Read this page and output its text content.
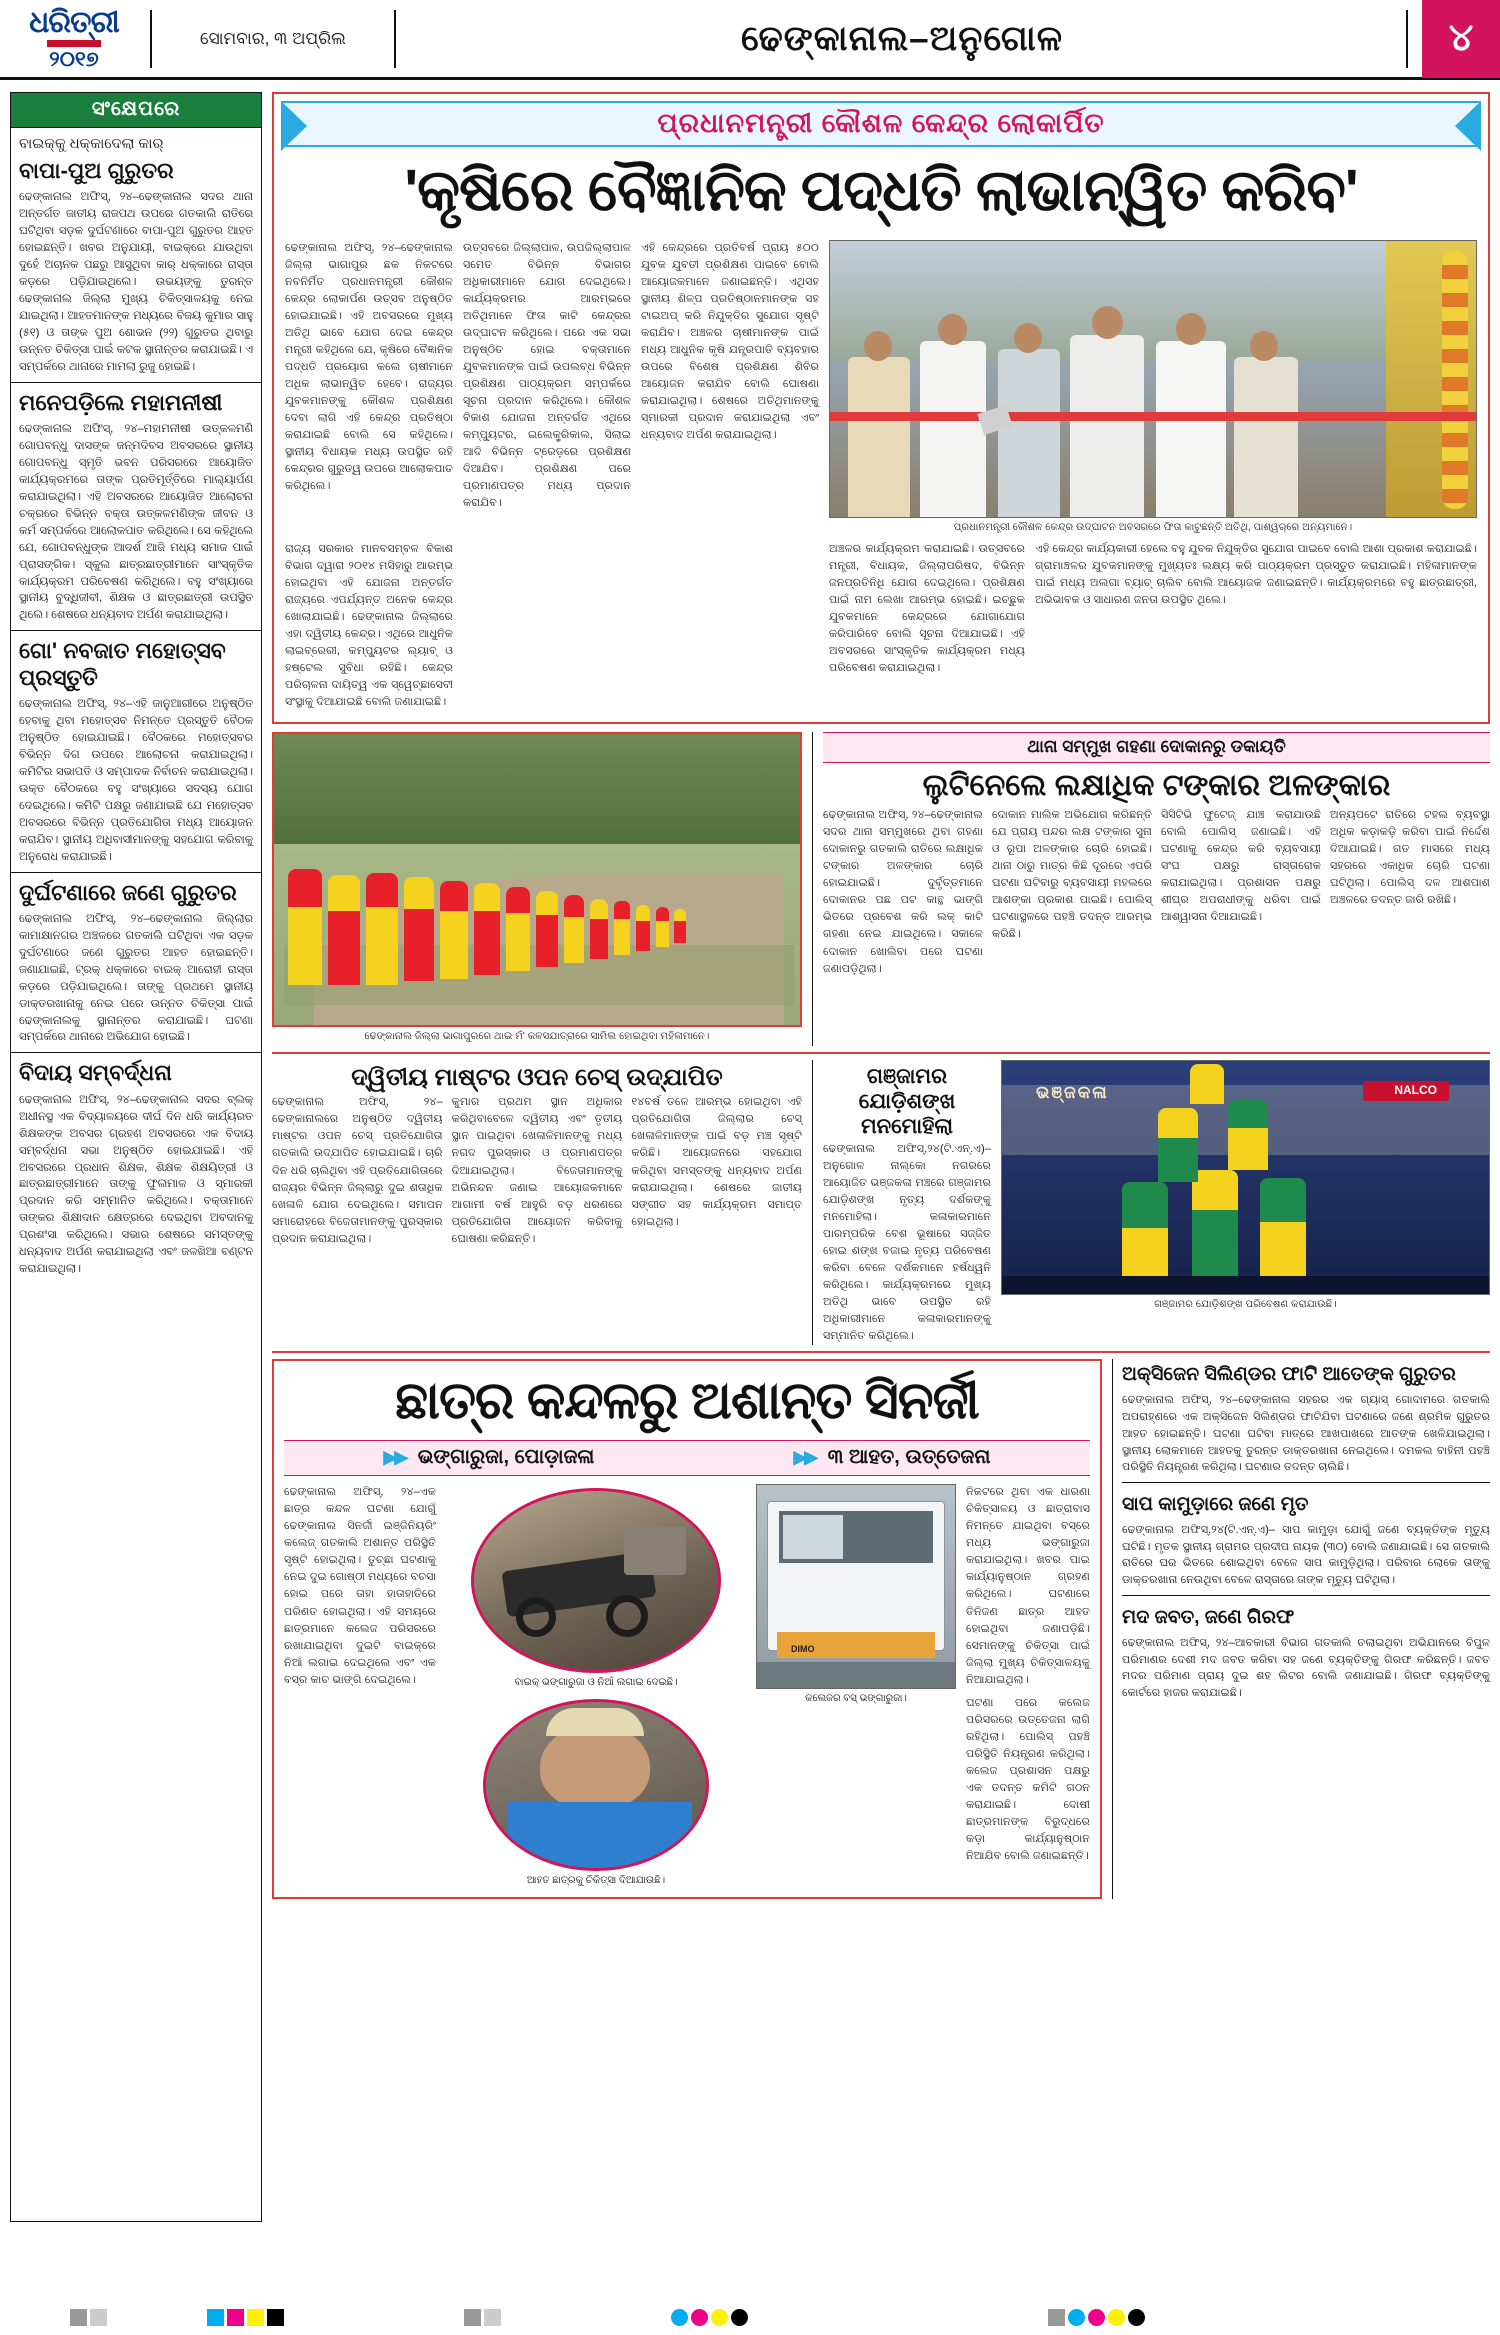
ଧରିତ୍ରୀ
୨୦୧୭
ସୋମବାର, ୩ ଅପ୍ରିଲ	ଢେଙ୍କାନାଲ–ଅନୁଗୋଳ	୪
ସଂକ୍ଷେପରେ
ବାଇକ୍‌କୁ ଧକ୍କାଦେଲା କାର୍‌
ବାପା-ପୁଅ ଗୁରୁତର
ଢେଙ୍କାନାଲ ଅଫିସ୍‌, ୨୪–ଢେଙ୍କାନାଲ ସଦର ଥାନା ଅନ୍ତର୍ଗତ ଜାତୀୟ ରାଜପଥ ଉପରେ ଗତକାଲି ରାତିରେ ଘଟିଥିବା ସଡ଼କ ଦୁର୍ଘଟଣାରେ ବାପା-ପୁଅ ଗୁରୁତର ଆହତ ହୋଇଛନ୍ତି। ଖବର ଅନୁଯାୟୀ, ବାଇକ୍‌ରେ ଯାଉଥିବା ଦୁହେଁ ଅଚାନକ ପଛରୁ ଆସୁଥିବା କାର୍‌ ଧକ୍କାରେ ରାସ୍ତା କଡ଼ରେ ପଡ଼ିଯାଇଥିଲେ। ଉଭୟଙ୍କୁ ତୁରନ୍ତ ଢେଙ୍କାନାଲ ଜିଲ୍ଲା ମୁଖ୍ୟ ଚିକିତ୍ସାଳୟକୁ ନେଇ ଯାଇଥିଲା। ଆହତମାନଙ୍କ ମଧ୍ୟରେ ବିଜୟ କୁମାର ସାହୁ (୫୧) ଓ ତାଙ୍କ ପୁଅ ଶୋଭନ (୨୨) ଗୁରୁତର ଥିବାରୁ ଉନ୍ନତ ଚିକିତ୍ସା ପାଇଁ କଟକ ସ୍ଥାନାନ୍ତର କରାଯାଇଛି। ଏ ସମ୍ପର୍କରେ ଥାନାରେ ମାମଲା ରୁଜୁ ହୋଇଛି।
ମନେପଡ଼ିଲେ ମହାମନୀଷୀ
ଢେଙ୍କାନାଲ ଅଫିସ୍‌, ୨୪–ମହାମନୀଷୀ ଉତ୍କଳମଣି ଗୋପବନ୍ଧୁ ଦାସଙ୍କ ଜନ୍ମଦିବସ ଅବସରରେ ସ୍ଥାନୀୟ ଗୋପବନ୍ଧୁ ସ୍ମୃତି ଭବନ ପରିସରରେ ଆୟୋଜିତ କାର୍ଯ୍ୟକ୍ରମରେ ତାଙ୍କ ପ୍ରତିମୂର୍ତ୍ତିରେ ମାଲ୍ୟାର୍ପଣ କରାଯାଇଥିଲା। ଏହି ଅବସରରେ ଆୟୋଜିତ ଆଲୋଚନା ଚକ୍ରରେ ବିଭିନ୍ନ ବକ୍ତା ଉତ୍କଳମଣିଙ୍କ ଜୀବନ ଓ କର୍ମ ସମ୍ପର୍କରେ ଆଲୋକପାତ କରିଥିଲେ। ସେ କହିଥିଲେ ଯେ, ଗୋପବନ୍ଧୁଙ୍କ ଆଦର୍ଶ ଆଜି ମଧ୍ୟ ସମାଜ ପାଇଁ ପ୍ରାସଙ୍ଗିକ। ସ୍କୁଲ ଛାତ୍ରଛାତ୍ରୀମାନେ ସାଂସ୍କୃତିକ କାର୍ଯ୍ୟକ୍ରମ ପରିବେଷଣ କରିଥିଲେ। ବହୁ ସଂଖ୍ୟାରେ ସ୍ଥାନୀୟ ବୁଦ୍ଧିଜୀବୀ, ଶିକ୍ଷକ ଓ ଛାତ୍ରଛାତ୍ରୀ ଉପସ୍ଥିତ ଥିଲେ। ଶେଷରେ ଧନ୍ୟବାଦ ଅର୍ପଣ କରାଯାଇଥିଲା।
ଗୋ' ନବଜାତ ମହୋତ୍ସବ ପ୍ରସ୍ତୁତି
ଢେଙ୍କାନାଲ ଅଫିସ୍‌, ୨୪–ଏହି ଜାନୁଆରୀରେ ଅନୁଷ୍ଠିତ ହେବାକୁ ଥିବା ମହୋତ୍ସବ ନିମନ୍ତେ ପ୍ରସ୍ତୁତି ବୈଠକ ଅନୁଷ୍ଠିତ ହୋଇଯାଇଛି। ବୈଠକରେ ମହୋତ୍ସବର ବିଭିନ୍ନ ଦିଗ ଉପରେ ଆଲୋଚନା କରାଯାଇଥିଲା। କମିଟିର ସଭାପତି ଓ ସମ୍ପାଦକ ନିର୍ବାଚନ କରାଯାଇଥିଲା। ଉକ୍ତ ବୈଠକରେ ବହୁ ସଂଖ୍ୟାରେ ସଦସ୍ୟ ଯୋଗ ଦେଇଥିଲେ। କମିଟି ପକ୍ଷରୁ ଜଣାଯାଇଛି ଯେ ମହୋତ୍ସବ ଅବସରରେ ବିଭିନ୍ନ ପ୍ରତିଯୋଗିତା ମଧ୍ୟ ଆୟୋଜନ କରାଯିବ। ସ୍ଥାନୀୟ ଅଧିବାସୀମାନଙ୍କୁ ସହଯୋଗ କରିବାକୁ ଅନୁରୋଧ କରାଯାଇଛି।
ଦୁର୍ଘଟଣାରେ ଜଣେ ଗୁରୁତର
ଢେଙ୍କାନାଲ ଅଫିସ୍‌, ୨୪–ଢେଙ୍କାନାଲ ଜିଲ୍ଲାର କାମାକ୍ଷାନଗର ଅଞ୍ଚଳରେ ଗତକାଲି ଘଟିଥିବା ଏକ ସଡ଼କ ଦୁର୍ଘଟଣାରେ ଜଣେ ଗୁରୁତର ଆହତ ହୋଇଛନ୍ତି। ଜଣାଯାଇଛି, ଟ୍ରକ୍‌ ଧକ୍କାରେ ବାଇକ୍‌ ଆରୋହୀ ରାସ୍ତା କଡ଼ରେ ପଡ଼ିଯାଇଥିଲେ। ତାଙ୍କୁ ପ୍ରଥମେ ସ୍ଥାନୀୟ ଡାକ୍ତରଖାନାକୁ ନେଇ ପରେ ଉନ୍ନତ ଚିକିତ୍ସା ପାଇଁ ଢେଙ୍କାନାଲକୁ ସ୍ଥାନାନ୍ତର କରାଯାଇଛି। ଘଟଣା ସମ୍ପର୍କରେ ଥାନାରେ ଅଭିଯୋଗ ହୋଇଛି।
ବିଦାୟ ସମ୍ବର୍ଦ୍ଧନା
ଢେଙ୍କାନାଲ ଅଫିସ୍‌, ୨୪–ଢେଙ୍କାନାଲ ସଦର ବ୍ଲକ୍‌ ଅଧୀନସ୍ଥ ଏକ ବିଦ୍ୟାଳୟରେ ଦୀର୍ଘ ଦିନ ଧରି କାର୍ଯ୍ୟରତ ଶିକ୍ଷକଙ୍କ ଅବସର ଗ୍ରହଣ ଅବସରରେ ଏକ ବିଦାୟ ସମ୍ବର୍ଦ୍ଧନା ସଭା ଅନୁଷ୍ଠିତ ହୋଇଯାଇଛି। ଏହି ଅବସରରେ ପ୍ରଧାନ ଶିକ୍ଷକ, ଶିକ୍ଷକ ଶିକ୍ଷୟିତ୍ରୀ ଓ ଛାତ୍ରଛାତ୍ରୀମାନେ ତାଙ୍କୁ ଫୁଲମାଳ ଓ ସ୍ମାରକୀ ପ୍ରଦାନ କରି ସମ୍ମାନିତ କରିଥିଲେ। ବକ୍ତାମାନେ ତାଙ୍କର ଶିକ୍ଷାଦାନ କ୍ଷେତ୍ରରେ ଦେଇଥିବା ଅବଦାନକୁ ପ୍ରଶଂସା କରିଥିଲେ। ସଭାର ଶେଷରେ ସମସ୍ତଙ୍କୁ ଧନ୍ୟବାଦ ଅର୍ପଣ କରାଯାଇଥିଲା ଏବଂ ଜଳଖିଆ ବଣ୍ଟନ କରାଯାଇଥିଲା।
ପ୍ରଧାନମନ୍ତ୍ରୀ କୌଶଳ କେନ୍ଦ୍ର ଲୋକାର୍ପିତ
'କୃଷିରେ ବୈଜ୍ଞାନିକ ପଦ୍ଧତି ଲାଭାନ୍ୱିତ କରିବ'
ଢେଙ୍କାନାଲ ଅଫିସ୍‌, ୨୪–ଢେଙ୍କାନାଲ ଜିଲ୍ଲା ଭାଗାପୁର ଛକ ନିକଟରେ ନବନିର୍ମିତ ପ୍ରଧାନମନ୍ତ୍ରୀ କୌଶଳ କେନ୍ଦ୍ର ଲୋକାର୍ପଣ ଉତ୍ସବ ଅନୁଷ୍ଠିତ ହୋଇଯାଇଛି। ଏହି ଅବସରରେ ମୁଖ୍ୟ ଅତିଥି ଭାବେ ଯୋଗ ଦେଇ କେନ୍ଦ୍ର ମନ୍ତ୍ରୀ କହିଥିଲେ ଯେ, କୃଷିରେ ବୈଜ୍ଞାନିକ ପଦ୍ଧତି ପ୍ରୟୋଗ କଲେ ଚାଷୀମାନେ ଅଧିକ ଲାଭାନ୍ୱିତ ହେବେ। ରାଜ୍ୟର ଯୁବକମାନଙ୍କୁ କୌଶଳ ପ୍ରଶିକ୍ଷଣ ଦେବା ଲାଗି ଏହି କେନ୍ଦ୍ର ପ୍ରତିଷ୍ଠା କରାଯାଇଛି ବୋଲି ସେ କହିଥିଲେ। ସ୍ଥାନୀୟ ବିଧାୟକ ମଧ୍ୟ ଉପସ୍ଥିତ ରହି କେନ୍ଦ୍ରର ଗୁରୁତ୍ୱ ଉପରେ ଆଲୋକପାତ କରିଥିଲେ।
ଉତ୍ସବରେ ଜିଲ୍ଲାପାଳ, ଉପଜିଲ୍ଲାପାଳ ସମେତ ବିଭିନ୍ନ ବିଭାଗର ଅଧିକାରୀମାନେ ଯୋଗ ଦେଇଥିଲେ। କାର୍ଯ୍ୟକ୍ରମର ଆରମ୍ଭରେ ଅତିଥିମାନେ ଫିତା କାଟି କେନ୍ଦ୍ରର ଉଦ୍‌ଘାଟନ କରିଥିଲେ। ପରେ ଏକ ସଭା ଅନୁଷ୍ଠିତ ହୋଇ ବକ୍ତାମାନେ ଯୁବକମାନଙ୍କ ପାଇଁ ଉପଲବ୍ଧ ବିଭିନ୍ନ ପ୍ରଶିକ୍ଷଣ ପାଠ୍ୟକ୍ରମ ସମ୍ପର୍କରେ ସୂଚନା ପ୍ରଦାନ କରିଥିଲେ। କୌଶଳ ବିକାଶ ଯୋଜନା ଅନ୍ତର୍ଗତ ଏଥିରେ କମ୍ପ୍ୟୁଟର, ଇଲେକ୍ଟ୍ରିକାଲ, ସିଲାଇ ଆଦି ବିଭିନ୍ନ ଟ୍ରେଡ଼ରେ ପ୍ରଶିକ୍ଷଣ ଦିଆଯିବ। ପ୍ରଶିକ୍ଷଣ ପରେ ପ୍ରମାଣପତ୍ର ମଧ୍ୟ ପ୍ରଦାନ କରାଯିବ।
ଏହି କେନ୍ଦ୍ରରେ ପ୍ରତିବର୍ଷ ପ୍ରାୟ ୫୦୦ ଯୁବକ ଯୁବତୀ ପ୍ରଶିକ୍ଷଣ ପାଇବେ ବୋଲି ଆୟୋଜକମାନେ ଜଣାଇଛନ୍ତି। ଏଥିସହ ସ୍ଥାନୀୟ ଶିଳ୍ପ ପ୍ରତିଷ୍ଠାନମାନଙ୍କ ସହ ଟାଇଅପ୍‌ କରି ନିଯୁକ୍ତିର ସୁଯୋଗ ସୃଷ୍ଟି କରାଯିବ। ଅଞ୍ଚଳର ଚାଷୀମାନଙ୍କ ପାଇଁ ମଧ୍ୟ ଆଧୁନିକ କୃଷି ଯନ୍ତ୍ରପାତି ବ୍ୟବହାର ଉପରେ ବିଶେଷ ପ୍ରଶିକ୍ଷଣ ଶିବିର ଆୟୋଜନ କରାଯିବ ବୋଲି ଘୋଷଣା କରାଯାଇଥିଲା। ଶେଷରେ ଅତିଥିମାନଙ୍କୁ ସ୍ମାରକୀ ପ୍ରଦାନ କରାଯାଇଥିଲା ଏବଂ ଧନ୍ୟବାଦ ଅର୍ପଣ କରାଯାଇଥିଲା।
ପ୍ରଧାନମନ୍ତ୍ରୀ କୌଶଳ କେନ୍ଦ୍ର ଉଦ୍‌ଘାଟନ ଅବସରରେ ଫିତା କାଟୁଛନ୍ତି ଅତିଥି, ପାଶ୍ୱର୍‌ରେ ଅନ୍ୟମାନେ।
ରାଜ୍ୟ ସରକାର ମାନବସମ୍ବଳ ବିକାଶ ବିଭାଗ ଦ୍ୱାରା ୨୦୧୪ ମସିହାରୁ ଆରମ୍ଭ ହୋଇଥିବା ଏହି ଯୋଜନା ଅନ୍ତର୍ଗତ ରାଜ୍ୟରେ ଏପର୍ଯ୍ୟନ୍ତ ଅନେକ କେନ୍ଦ୍ର ଖୋଲାଯାଇଛି। ଢେଙ୍କାନାଲ ଜିଲ୍ଲାରେ ଏହା ଦ୍ୱିତୀୟ କେନ୍ଦ୍ର। ଏଥିରେ ଆଧୁନିକ ଲାଇବ୍ରେରୀ, କମ୍ପ୍ୟୁଟର ଲ୍ୟାବ୍‌ ଓ ହଷ୍ଟେଲ ସୁବିଧା ରହିଛି। କେନ୍ଦ୍ର ପରିଚାଳନା ଦାୟିତ୍ୱ ଏକ ସ୍ୱେଚ୍ଛାସେବୀ ସଂସ୍ଥାକୁ ଦିଆଯାଇଛି ବୋଲି ଜଣାଯାଇଛି।

ଅଞ୍ଚଳର କାର୍ଯ୍ୟକ୍ରମ କରାଯାଇଛି। ଉତ୍ସବରେ ମନ୍ତ୍ରୀ, ବିଧାୟକ, ଜିଲ୍ଲାପରିଷଦ, ବିଭିନ୍ନ ଜନପ୍ରତିନିଧି ଯୋଗ ଦେଇଥିଲେ। ପ୍ରଶିକ୍ଷଣ ପାଇଁ ନାମ ଲେଖା ଆରମ୍ଭ ହୋଇଛି। ଇଚ୍ଛୁକ ଯୁବକମାନେ କେନ୍ଦ୍ରରେ ଯୋଗାଯୋଗ କରିପାରିବେ ବୋଲି ସୂଚନା ଦିଆଯାଇଛି। ଏହି ଅବସରରେ ସାଂସ୍କୃତିକ କାର୍ଯ୍ୟକ୍ରମ ମଧ୍ୟ ପରିବେଷଣ କରାଯାଇଥିଲା।
ଏହି କେନ୍ଦ୍ର କାର୍ଯ୍ୟକାରୀ ହେଲେ ବହୁ ଯୁବକ ନିଯୁକ୍ତିର ସୁଯୋଗ ପାଇବେ ବୋଲି ଆଶା ପ୍ରକାଶ କରାଯାଇଛି। ଗ୍ରାମାଞ୍ଚଳର ଯୁବକମାନଙ୍କୁ ମୁଖ୍ୟତଃ ଲକ୍ଷ୍ୟ କରି ପାଠ୍ୟକ୍ରମ ପ୍ରସ୍ତୁତ କରାଯାଇଛି। ମହିଳାମାନଙ୍କ ପାଇଁ ମଧ୍ୟ ଅଲଗା ବ୍ୟାଚ୍‌ ଚାଲିବ ବୋଲି ଆୟୋଜକ ଜଣାଇଛନ୍ତି। କାର୍ଯ୍ୟକ୍ରମରେ ବହୁ ଛାତ୍ରଛାତ୍ରୀ, ଅଭିଭାବକ ଓ ସାଧାରଣ ଜନତା ଉପସ୍ଥିତ ଥିଲେ।
ଢେଙ୍କାନାଲ ଜିଲ୍ଲା ଭାଗାପୁରରେ ଥାଇ ମଁ' କଳସଯାତ୍ରାରେ ସାମିଲ ହୋଇଥିବା ମହିଳାମାନେ।
ଥାନା ସମ୍ମୁଖ ଗହଣା ଦୋକାନରୁ ଡକାୟତି
ଲୁଟିନେଲେ ଲକ୍ଷାଧିକ ଟଙ୍କାର ଅଳଙ୍କାର
ଢେଙ୍କାନାଲ ଅଫିସ୍‌, ୨୪–ଢେଙ୍କାନାଲ ସଦର ଥାନା ସମ୍ମୁଖରେ ଥିବା ଗହଣା ଦୋକାନରୁ ଗତକାଲି ରାତିରେ ଲକ୍ଷାଧିକ ଟଙ୍କାର ଅଳଙ୍କାର ଚୋରି ହୋଇଯାଇଛି। ଦୁର୍ବୃତ୍ତମାନେ ଦୋକାନର ପଛ ପଟ କାନ୍ଥ ଭାଙ୍ଗି ଭିତରେ ପ୍ରବେଶ କରି ଲକ୍‌ କାଟି ଗହଣା ନେଇ ଯାଇଥିଲେ। ସକାଳେ ଦୋକାନ ଖୋଲିବା ପରେ ଘଟଣା ଜଣାପଡ଼ିଥିଲା।
ଦୋକାନ ମାଲିକ ଅଭିଯୋଗ କରିଛନ୍ତି ଯେ ପ୍ରାୟ ପନ୍ଦର ଲକ୍ଷ ଟଙ୍କାର ସୁନା ଓ ରୂପା ଅଳଙ୍କାର ଚୋରି ହୋଇଛି। ଥାନା ଠାରୁ ମାତ୍ର କିଛି ଦୂରରେ ଏପରି ଘଟଣା ଘଟିବାରୁ ବ୍ୟବସାୟୀ ମହଲରେ ଆଶଙ୍କା ପ୍ରକାଶ ପାଇଛି। ପୋଲିସ୍‌ ଘଟଣାସ୍ଥଳରେ ପହଞ୍ଚି ତଦନ୍ତ ଆରମ୍ଭ କରିଛି।
ସିସିଟିଭି ଫୁଟେଜ୍‌ ଯାଞ୍ଚ କରାଯାଉଛି ବୋଲି ପୋଲିସ୍‌ ଜଣାଇଛି। ଏହି ଘଟଣାକୁ କେନ୍ଦ୍ର କରି ବ୍ୟବସାୟୀ ସଂଘ ପକ୍ଷରୁ ରାସ୍ତାରୋକ କରାଯାଇଥିଲା। ପ୍ରଶାସନ ପକ୍ଷରୁ ଶୀଘ୍ର ଅପରାଧୀଙ୍କୁ ଧରିବା ପାଇଁ ଆଶ୍ୱାସନା ଦିଆଯାଇଛି।
ଅନ୍ୟପଟେ ରାତିରେ ଟହଲ ବ୍ୟବସ୍ଥା ଅଧିକ କଡ଼ାକଡ଼ି କରିବା ପାଇଁ ନିର୍ଦ୍ଦେଶ ଦିଆଯାଇଛି। ଗତ ମାସରେ ମଧ୍ୟ ସହରରେ ଏକାଧିକ ଚୋରି ଘଟଣା ଘଟିଥିଲା। ପୋଲିସ୍‌ ଦଳ ଆଶପାଶ ଅଞ୍ଚଳରେ ତଦନ୍ତ ଜାରି ରଖିଛି।
ଦ୍ୱିତୀୟ ମାଷ୍ଟର ଓପନ ଚେସ୍‌ ଉଦ୍‌ଯାପିତ
ଢେଙ୍କାନାଲ ଅଫିସ୍‌, ୨୪–ଢେଙ୍କାନାଲରେ ଅନୁଷ୍ଠିତ ଦ୍ୱିତୀୟ ମାଷ୍ଟର ଓପନ ଚେସ୍‌ ପ୍ରତିଯୋଗିତା ଗତକାଲି ଉଦ୍‌ଯାପିତ ହୋଇଯାଇଛି। ଚାରି ଦିନ ଧରି ଚାଲିଥିବା ଏହି ପ୍ରତିଯୋଗିତାରେ ରାଜ୍ୟର ବିଭିନ୍ନ ଜିଲ୍ଲାରୁ ଦୁଇ ଶତାଧିକ ଖେଳାଳି ଯୋଗ ଦେଇଥିଲେ। ସମାପନ ସମାରୋହରେ ବିଜେତାମାନଙ୍କୁ ପୁରସ୍କାର ପ୍ରଦାନ କରାଯାଇଥିଲା।
କୁମାର ପ୍ରଥମ ସ୍ଥାନ ଅଧିକାର କରିଥିବାବେଳେ ଦ୍ୱିତୀୟ ଏବଂ ତୃତୀୟ ସ୍ଥାନ ପାଇଥିବା ଖେଳାଳିମାନଙ୍କୁ ମଧ୍ୟ ନଗଦ ପୁରସ୍କାର ଓ ପ୍ରମାଣପତ୍ର ଦିଆଯାଇଥିଲା। ବିଜେତାମାନଙ୍କୁ ଅଭିନନ୍ଦନ ଜଣାଇ ଆୟୋଜକମାନେ ଆଗାମୀ ବର୍ଷ ଆହୁରି ବଡ଼ ଧରଣରେ ପ୍ରତିଯୋଗିତା ଆୟୋଜନ କରିବାକୁ ଘୋଷଣା କରିଛନ୍ତି।
୧୪ବର୍ଷ ତଳେ ଆରମ୍ଭ ହୋଇଥିବା ଏହି ପ୍ରତିଯୋଗିତା ଜିଲ୍ଲାର ଚେସ୍‌ ଖେଳାଳିମାନଙ୍କ ପାଇଁ ବଡ଼ ମଞ୍ଚ ସୃଷ୍ଟି କରିଛି। ଆୟୋଜନରେ ସହଯୋଗ କରିଥିବା ସମସ୍ତଙ୍କୁ ଧନ୍ୟବାଦ ଅର୍ପଣ କରାଯାଇଥିଲା। ଶେଷରେ ଜାତୀୟ ସଙ୍ଗୀତ ସହ କାର୍ଯ୍ୟକ୍ରମ ସମାପ୍ତ ହୋଇଥିଲା।
ଗଞ୍ଜାମର ଯୋଡ଼ିଶଙ୍ଖ ମନମୋହିଲା
ଢେଙ୍କାନାଲ ଅଫିସ୍‌,୨୪(ଟି.ଏନ୍‌.ଏ)– ଅନୁଗୋଳ ନାଲ୍‌କୋ ନଗରରେ ଆୟୋଜିତ ଭଞ୍ଜକଳା ମଞ୍ଚରେ ଗଞ୍ଜାମର ଯୋଡ଼ିଶଙ୍ଖ ନୃତ୍ୟ ଦର୍ଶକଙ୍କୁ ମନମୋହିଲା। କଳାକାରମାନେ ପାରମ୍ପରିକ ବେଶ ଭୂଷାରେ ସଜ୍ଜିତ ହୋଇ ଶଙ୍ଖ ବଜାଇ ନୃତ୍ୟ ପରିବେଷଣ କରିବା ବେଳେ ଦର୍ଶକମାନେ ହର୍ଷଧ୍ୱନି କରିଥିଲେ। କାର୍ଯ୍ୟକ୍ରମରେ ମୁଖ୍ୟ ଅତିଥି ଭାବେ ଉପସ୍ଥିତ ରହି ଅଧିକାରୀମାନେ କଳାକାରମାନଙ୍କୁ ସମ୍ମାନିତ କରିଥିଲେ।
ଭଞ୍ଜକଳା	NALCO
ଗଞ୍ଜାମର ଯୋଡ଼ିଶଙ୍ଖ ପରିବେଷଣ କରାଯାଉଛି।
ଛାତ୍ର କନ୍ଦଳରୁ ଅଶାନ୍ତ ସିନର୍ଜୀ
▶▶ ଭଙ୍ଗାରୁଜା, ପୋଡ଼ାଜଳା	▶▶ ୩ ଆହତ, ଉତ୍ତେଜନା
ଢେଙ୍କାନାଲ ଅଫିସ୍‌, ୨୪–ଏକ ଛାତ୍ର କନ୍ଦଳ ଘଟଣା ଯୋଗୁଁ ଢେଙ୍କାନାଲ ସିନର୍ଜୀ ଇଞ୍ଜିନିୟରିଂ କଲେଜ୍‌ ଗତକାଲି ଅଶାନ୍ତ ପରିସ୍ଥିତି ସୃଷ୍ଟି ହୋଇଥିଲା। ତୁଚ୍ଛା ଘଟଣାକୁ ନେଇ ଦୁଇ ଗୋଷ୍ଠୀ ମଧ୍ୟରେ ବଚସା ହୋଇ ପରେ ତାହା ହାତାହାତିରେ ପରିଣତ ହୋଇଥିଲା। ଏହି ସମୟରେ ଛାତ୍ରମାନେ କଲେଜ ପରିସରରେ ରଖାଯାଇଥିବା ଦୁଇଟି ବାଇକ୍‌ରେ ନିଆଁ ଲଗାଇ ଦେଇଥିଲେ ଏବଂ ଏକ ବସ୍‌ର କାଚ ଭାଙ୍ଗି ଦେଇଥିଲେ।	ବାଇକ୍‌ ଭଙ୍ଗାରୁଜା ଓ ନିଆଁ ଲଗାଇ ଦେଇଛି।
ଆହତ ଛାତ୍ରକୁ ଚିକିତ୍ସା ଦିଆଯାଉଛି।
DIMO
କଲେଜର ବସ୍‌ ଭଙ୍ଗାରୁଜା।
ନିକଟରେ ଥିବା ଏକ ଧାରଣା ଚିକିତ୍ସାଳୟ ଓ ଛାତ୍ରାବାସ ନିମନ୍ତେ ଯାଇଥିବା ବସ୍‌ରେ ମଧ୍ୟ ଭଙ୍ଗାରୁଜା କରାଯାଇଥିଲା। ଖବର ପାଇ କାର୍ଯ୍ୟାନୁଷ୍ଠାନ ଗ୍ରହଣ କରିଥିଲେ। ଘଟଣାରେ ତିନିଜଣ ଛାତ୍ର ଆହତ ହୋଇଥିବା ଜଣାପଡ଼ିଛି। ସେମାନଙ୍କୁ ଚିକିତ୍ସା ପାଇଁ ଜିଲ୍ଲା ମୁଖ୍ୟ ଚିକିତ୍ସାଳୟକୁ ନିଆଯାଇଥିଲା।
ଘଟଣା ପରେ କଲେଜ ପରିସରରେ ଉତ୍ତେଜନା ଲାଗି ରହିଥିଲା। ପୋଲିସ୍‌ ପହଞ୍ଚି ପରିସ୍ଥିତି ନିୟନ୍ତ୍ରଣ କରିଥିଲା। କଲେଜ ପ୍ରଶାସନ ପକ୍ଷରୁ ଏକ ତଦନ୍ତ କମିଟି ଗଠନ କରାଯାଇଛି। ଦୋଷୀ ଛାତ୍ରମାନଙ୍କ ବିରୁଦ୍ଧରେ କଡ଼ା କାର୍ଯ୍ୟାନୁଷ୍ଠାନ ନିଆଯିବ ବୋଲି ଜଣାଇଛନ୍ତି।
ଅକ୍ସିଜେନ ସିଲିଣ୍ଡର ଫାଟି ଆତେଙ୍କ ଗୁରୁତର
ଢେଙ୍କାନାଲ ଅଫିସ୍‌, ୨୪–ଢେଙ୍କାନାଲ ସହରର ଏକ ଗ୍ୟାସ୍‌ ଗୋଦାମରେ ଗତକାଲି ଅପରାହ୍ଣରେ ଏକ ଅକ୍ସିଜେନ ସିଲିଣ୍ଡର ଫାଟିଯିବା ଘଟଣାରେ ଜଣେ ଶ୍ରମିକ ଗୁରୁତର ଆହତ ହୋଇଛନ୍ତି। ଘଟଣା ଘଟିବା ମାତ୍ରେ ଆଖପାଖରେ ଆତଙ୍କ ଖେଳିଯାଇଥିଲା। ସ୍ଥାନୀୟ ଲୋକମାନେ ଆହତକୁ ତୁରନ୍ତ ଡାକ୍ତରଖାନା ନେଇଥିଲେ। ଦମକଲ ବାହିନୀ ପହଞ୍ଚି ପରିସ୍ଥିତି ନିୟନ୍ତ୍ରଣ କରିଥିଲା। ଘଟଣାର ତଦନ୍ତ ଚାଲିଛି।
ସାପ କାମୁଡ଼ାରେ ଜଣେ ମୃତ
ଢେଙ୍କାନାଲ ଅଫିସ୍‌,୨୪(ଟି.ଏନ୍‌.ଏ)– ସାପ କାମୁଡ଼ା ଯୋଗୁଁ ଜଣେ ବ୍ୟକ୍ତିଙ୍କ ମୃତ୍ୟୁ ଘଟିଛି। ମୃତକ ସ୍ଥାନୀୟ ଗ୍ରାମର ପ୍ରଦୀପ ନାୟକ (୩୦) ବୋଲି ଜଣାଯାଇଛି। ସେ ଗତକାଲି ରାତିରେ ଘର ଭିତରେ ଶୋଇଥିବା ବେଳେ ସାପ କାମୁଡ଼ିଥିଲା। ପରିବାର ଲୋକେ ତାଙ୍କୁ ଡାକ୍ତରଖାନା ନେଉଥିବା ବେଳେ ରାସ୍ତାରେ ତାଙ୍କ ମୃତ୍ୟୁ ଘଟିଥିଲା।
ମଦ ଜବତ, ଜଣେ ଗିରଫ
ଢେଙ୍କାନାଲ ଅଫିସ୍‌, ୨୪–ଆବକାରୀ ବିଭାଗ ଗତକାଲି ଚଲାଇଥିବା ଅଭିଯାନରେ ବିପୁଳ ପରିମାଣର ଦେଶୀ ମଦ ଜବତ କରିବା ସହ ଜଣେ ବ୍ୟକ୍ତିଙ୍କୁ ଗିରଫ କରିଛନ୍ତି। ଜବତ ମଦର ପରିମାଣ ପ୍ରାୟ ଦୁଇ ଶହ ଲିଟର ବୋଲି ଜଣାଯାଇଛି। ଗିରଫ ବ୍ୟକ୍ତିଙ୍କୁ କୋର୍ଟରେ ହାଜର କରାଯାଇଛି।
